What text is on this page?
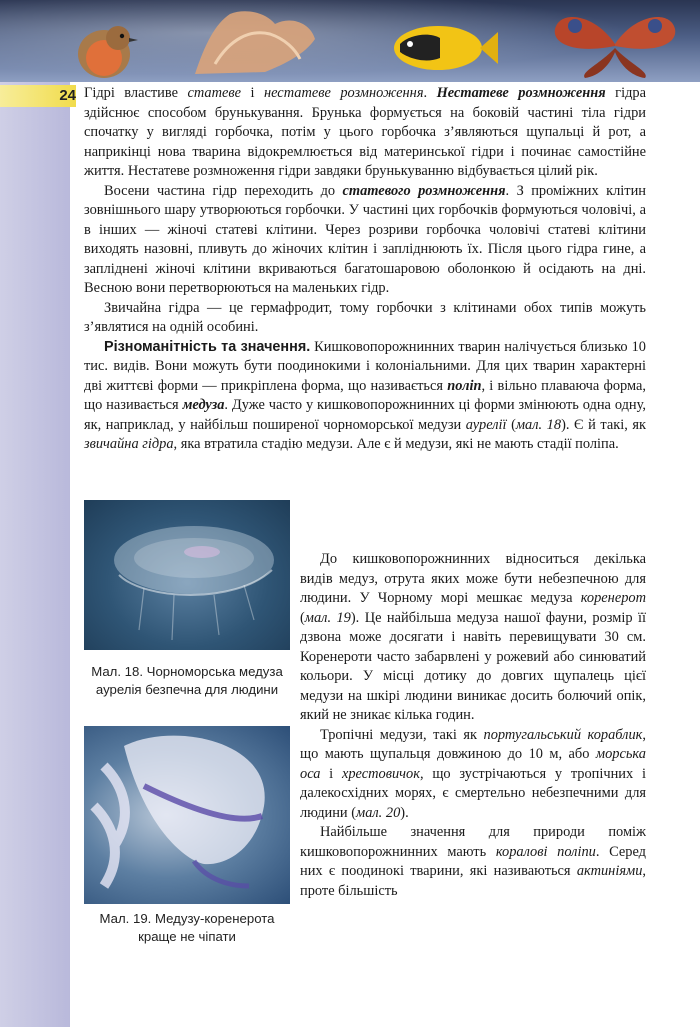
24 Гідрі властиве статеве і нестатеве розмноження. Нестатеве розмноження гідра здійснює способом брунькування. Брунька формується на боковій частині тіла гідри спочатку у вигляді горбочка, потім у цього горбочка з’являються щупальці й рот, а наприкінці нова тварина відокремлюється від материнської гідри і починає самостійне життя. Нестатеве розмноження гідри завдяки брунькуванню відбувається цілий рік.

Восени частина гідр переходить до статевого розмноження. З проміжних клітин зовнішнього шару утворюються горбочки. У частині цих горбочків формуються чоловічі, а в інших — жіночі статеві клітини. Через розриви горбочка чоловічі статеві клітини виходять назовні, пливуть до жіночих клітин і запліднюють їх. Після цього гідра гине, а запліднені жіночі клітини вкриваються багатошаровою оболонкою й осідають на дні. Весною вони перетворюються на маленьких гідр.

Звичайна гідра — це гермафродит, тому горбочки з клітинами обох типів можуть з’являтися на одній особині.

Різноманітність та значення. Кишковопорожнинних тварин налічується близько 10 тис. видів. Вони можуть бути поодинокими і колоніальними. Для цих тварин характерні дві життєві форми — прикріплена форма, що називається поліп, і вільно плаваюча форма, що називається медуза. Дуже часто у кишковопорожнинних ці форми змінюють одна одну, як, наприклад, у найбільш поширеної чорноморської медузи аурелії (мал. 18). Є й такі, як звичайна гідра, яка втратила стадію медузи. Але є й медузи, які не мають стадії поліпа.

Мал. 18. Чорноморська медуза аурелія безпечна для людини
Мал. 19. Медузу-коренерота краще не чіпати

До кишковопорожнинних відноситься декілька видів медуз, отрута яких може бути небезпечною для людини. У Чорному морі мешкає медуза коренерот (мал. 19). Це найбільша медуза нашої фауни, розмір її дзвона може досягати і навіть перевищувати 30 см. Коренероти часто забарвлені у рожевий або синюватий кольори. У місці дотику до довгих щупалець цієї медузи на шкірі людини виникає досить болючий опік, який не зникає кілька годин.

Тропічні медузи, такі як португальський кораблик, що мають щупальця довжиною до 10 м, або морська оса і хрестовичок, що зустрічаються у тропічних і далекосхідних морях, є смертельно небезпечними для людини (мал. 20).

Найбільше значення для природи поміж кишковопорожнинних мають коралові поліпи. Серед них є поодинокі тварини, які називаються актиніями, проте більшість
